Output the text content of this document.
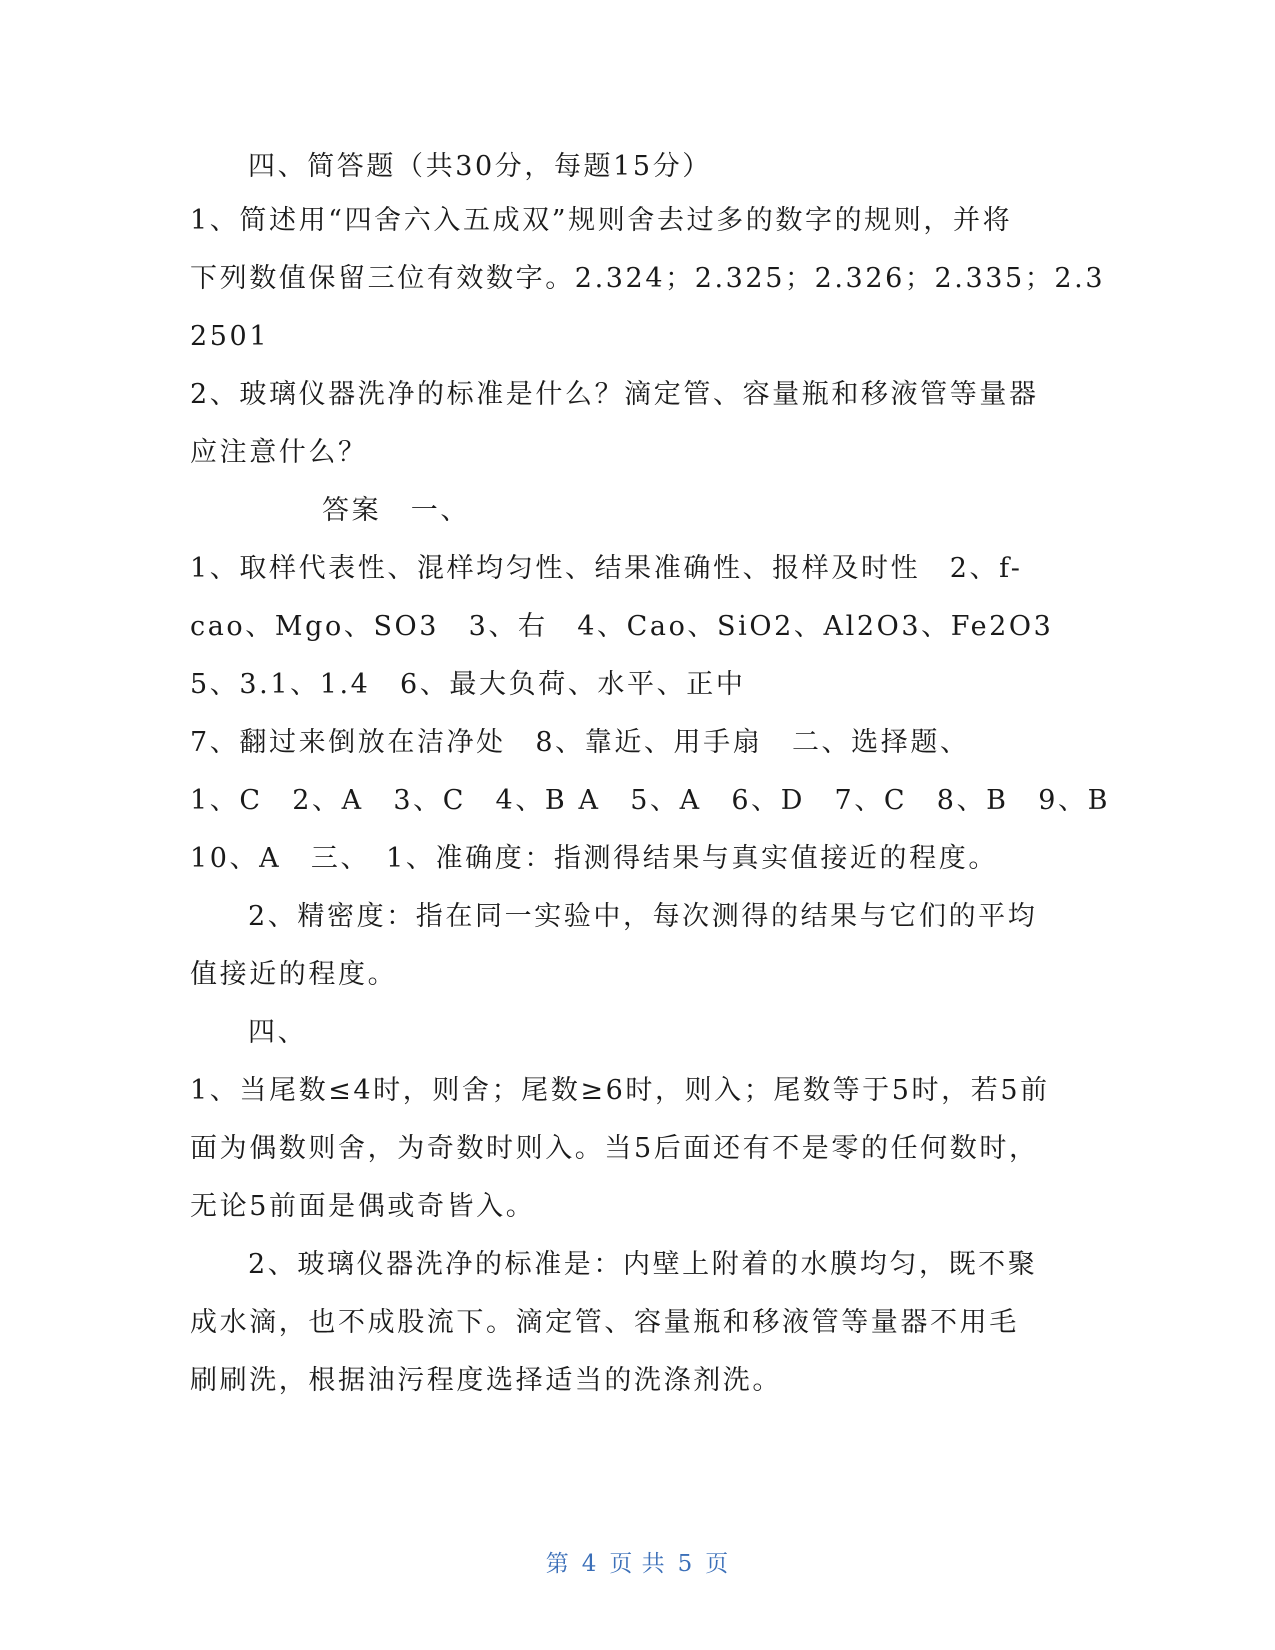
四、简答题（共30分，每题15分）
1、简述用“四舍六入五成双”规则舍去过多的数字的规则，并将
下列数值保留三位有效数字。2.324；2.325；2.326；2.335；2.3
2501
2、玻璃仪器洗净的标准是什么？滴定管、容量瓶和移液管等量器
应注意什么？
答案　一、
1、取样代表性、混样均匀性、结果准确性、报样及时性　2、f-
cao、Mgo、SO3　3、右　4、Cao、SiO2、Al2O3、Fe2O3
5、3.1、1.4　6、最大负荷、水平、正中
7、翻过来倒放在洁净处　8、靠近、用手扇　二、选择题、
1、C　2、A　3、C　4、B A　5、A　6、D　7、C　8、B　9、B
10、A　三、　1、准确度：指测得结果与真实值接近的程度。
2、精密度：指在同一实验中，每次测得的结果与它们的平均
值接近的程度。
四、
1、当尾数≤4时，则舍；尾数≥6时，则入；尾数等于5时，若5前
面为偶数则舍，为奇数时则入。当5后面还有不是零的任何数时，
无论5前面是偶或奇皆入。
2、玻璃仪器洗净的标准是：内壁上附着的水膜均匀，既不聚
成水滴，也不成股流下。滴定管、容量瓶和移液管等量器不用毛
刷刷洗，根据油污程度选择适当的洗涤剂洗。
第 4 页 共 5 页
